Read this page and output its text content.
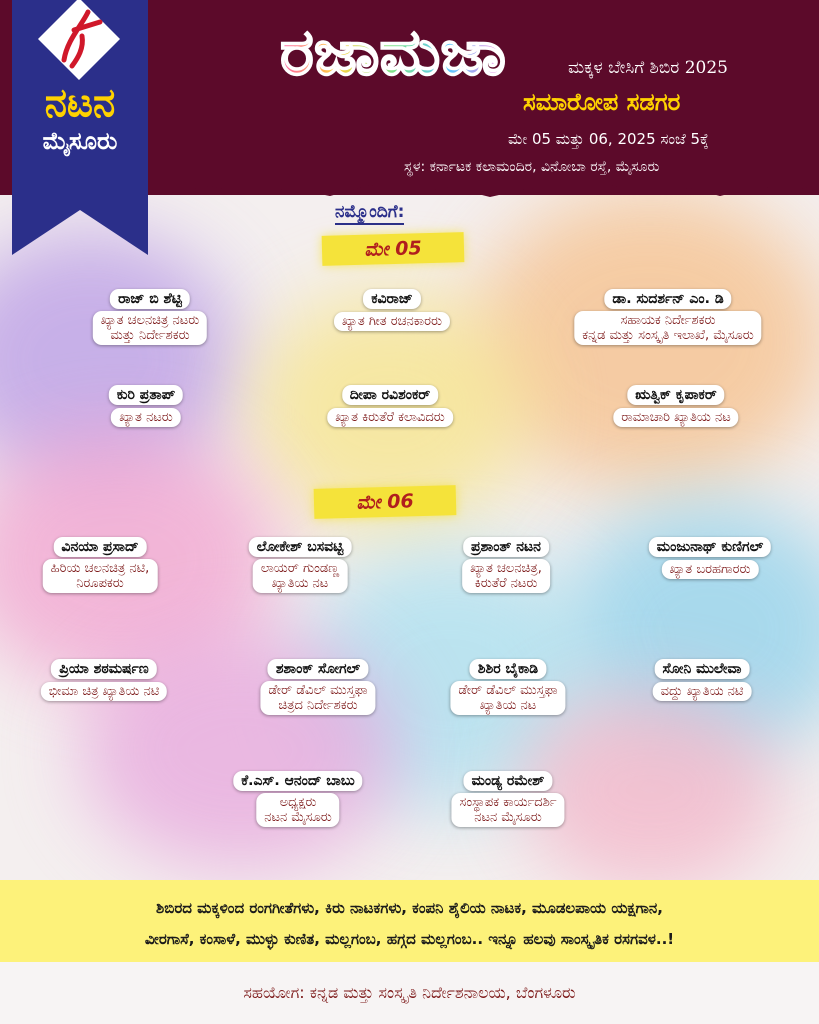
ನಟನ
ಮೈಸೂರು
ರಜಾಮಜಾ	ಮಕ್ಕಳ ಬೇಸಿಗೆ ಶಿಬಿರ 2025
ಸಮಾರೋಪ ಸಡಗರ
ಮೇ 05 ಮತ್ತು 06, 2025 ಸಂಜೆ 5ಕ್ಕೆ
ಸ್ಥಳ: ಕರ್ನಾಟಕ ಕಲಾಮಂದಿರ, ವಿನೋಬಾ ರಸ್ತೆ, ಮೈಸೂರು
ನಮ್ಮೊಂದಿಗೆ:
ಮೇ 05
ರಾಜ್ ಬಿ ಶೆಟ್ಟಿ

ಖ್ಯಾತ ಚಲನಚಿತ್ರ ನಟರು
ಮತ್ತು ನಿರ್ದೇಶಕರು
ಕವಿರಾಜ್

ಖ್ಯಾತ ಗೀತ ರಚನಕಾರರು
ಡಾ. ಸುದರ್ಶನ್ ಎಂ. ಡಿ

ಸಹಾಯಕ ನಿರ್ದೇಶಕರು
ಕನ್ನಡ ಮತ್ತು ಸಂಸ್ಕೃತಿ ಇಲಾಖೆ, ಮೈಸೂರು
ಕುರಿ ಪ್ರತಾಪ್

ಖ್ಯಾತ ನಟರು
ದೀಪಾ ರವಿಶಂಕರ್

ಖ್ಯಾತ ಕಿರುತೆರೆ ಕಲಾವಿದರು
ಋತ್ವಿಕ್ ಕೃಪಾಕರ್

ರಾಮಾಚಾರಿ ಖ್ಯಾತಿಯ ನಟ
ಮೇ 06
ವಿನಯಾ ಪ್ರಸಾದ್

ಹಿರಿಯ ಚಲನಚಿತ್ರ ನಟಿ,
ನಿರೂಪಕರು
ಲೋಕೇಶ್ ಬಸವಟ್ಟಿ

ಲಾಯರ್ ಗುಂಡಣ್ಣ
ಖ್ಯಾತಿಯ ನಟ
ಪ್ರಶಾಂತ್ ನಟನ

ಖ್ಯಾತ ಚಲನಚಿತ್ರ,
ಕಿರುತೆರೆ ನಟರು
ಮಂಜುನಾಥ್ ಕುಣಿಗಲ್

ಖ್ಯಾತ ಬರಹಗಾರರು
ಪ್ರಿಯಾ ಶಠಮರ್ಷಣ

ಭೀಮಾ ಚಿತ್ರ ಖ್ಯಾತಿಯ ನಟಿ
ಶಶಾಂಕ್ ಸೋಗಲ್

ಡೇರ್ ಡೆವಿಲ್ ಮುಸ್ತಫಾ
ಚಿತ್ರದ ನಿರ್ದೇಶಕರು
ಶಿಶಿರ ಬೈಕಾಡಿ

ಡೇರ್ ಡೆವಿಲ್ ಮುಸ್ತಫಾ
ಖ್ಯಾತಿಯ ನಟ
ಸೋನಿ ಮುಲೇವಾ

ವದ್ದು ಖ್ಯಾತಿಯ ನಟಿ
ಕೆ.ಎಸ್. ಆನಂದ್ ಬಾಬು

ಅಧ್ಯಕ್ಷರು
ನಟನ ಮೈಸೂರು
ಮಂಡ್ಯ ರಮೇಶ್

ಸಂಸ್ಥಾಪಕ ಕಾರ್ಯದರ್ಶಿ
ನಟನ ಮೈಸೂರು
ಶಿಬಿರದ ಮಕ್ಕಳಿಂದ ರಂಗಗೀತೆಗಳು, ಕಿರು ನಾಟಕಗಳು, ಕಂಪನಿ ಶೈಲಿಯ ನಾಟಕ, ಮೂಡಲಪಾಯ ಯಕ್ಷಗಾನ,
ವೀರಗಾಸೆ, ಕಂಸಾಳೆ, ಮುಳ್ಳು ಕುಣಿತ, ಮಲ್ಲಗಂಬ, ಹಗ್ಗದ ಮಲ್ಲಗಂಬ.. ಇನ್ನೂ ಹಲವು ಸಾಂಸ್ಕೃತಿಕ ರಸಗವಳ..!
ಸಹಯೋಗ: ಕನ್ನಡ ಮತ್ತು ಸಂಸ್ಕೃತಿ ನಿರ್ದೇಶನಾಲಯ, ಬೆಂಗಳೂರು
